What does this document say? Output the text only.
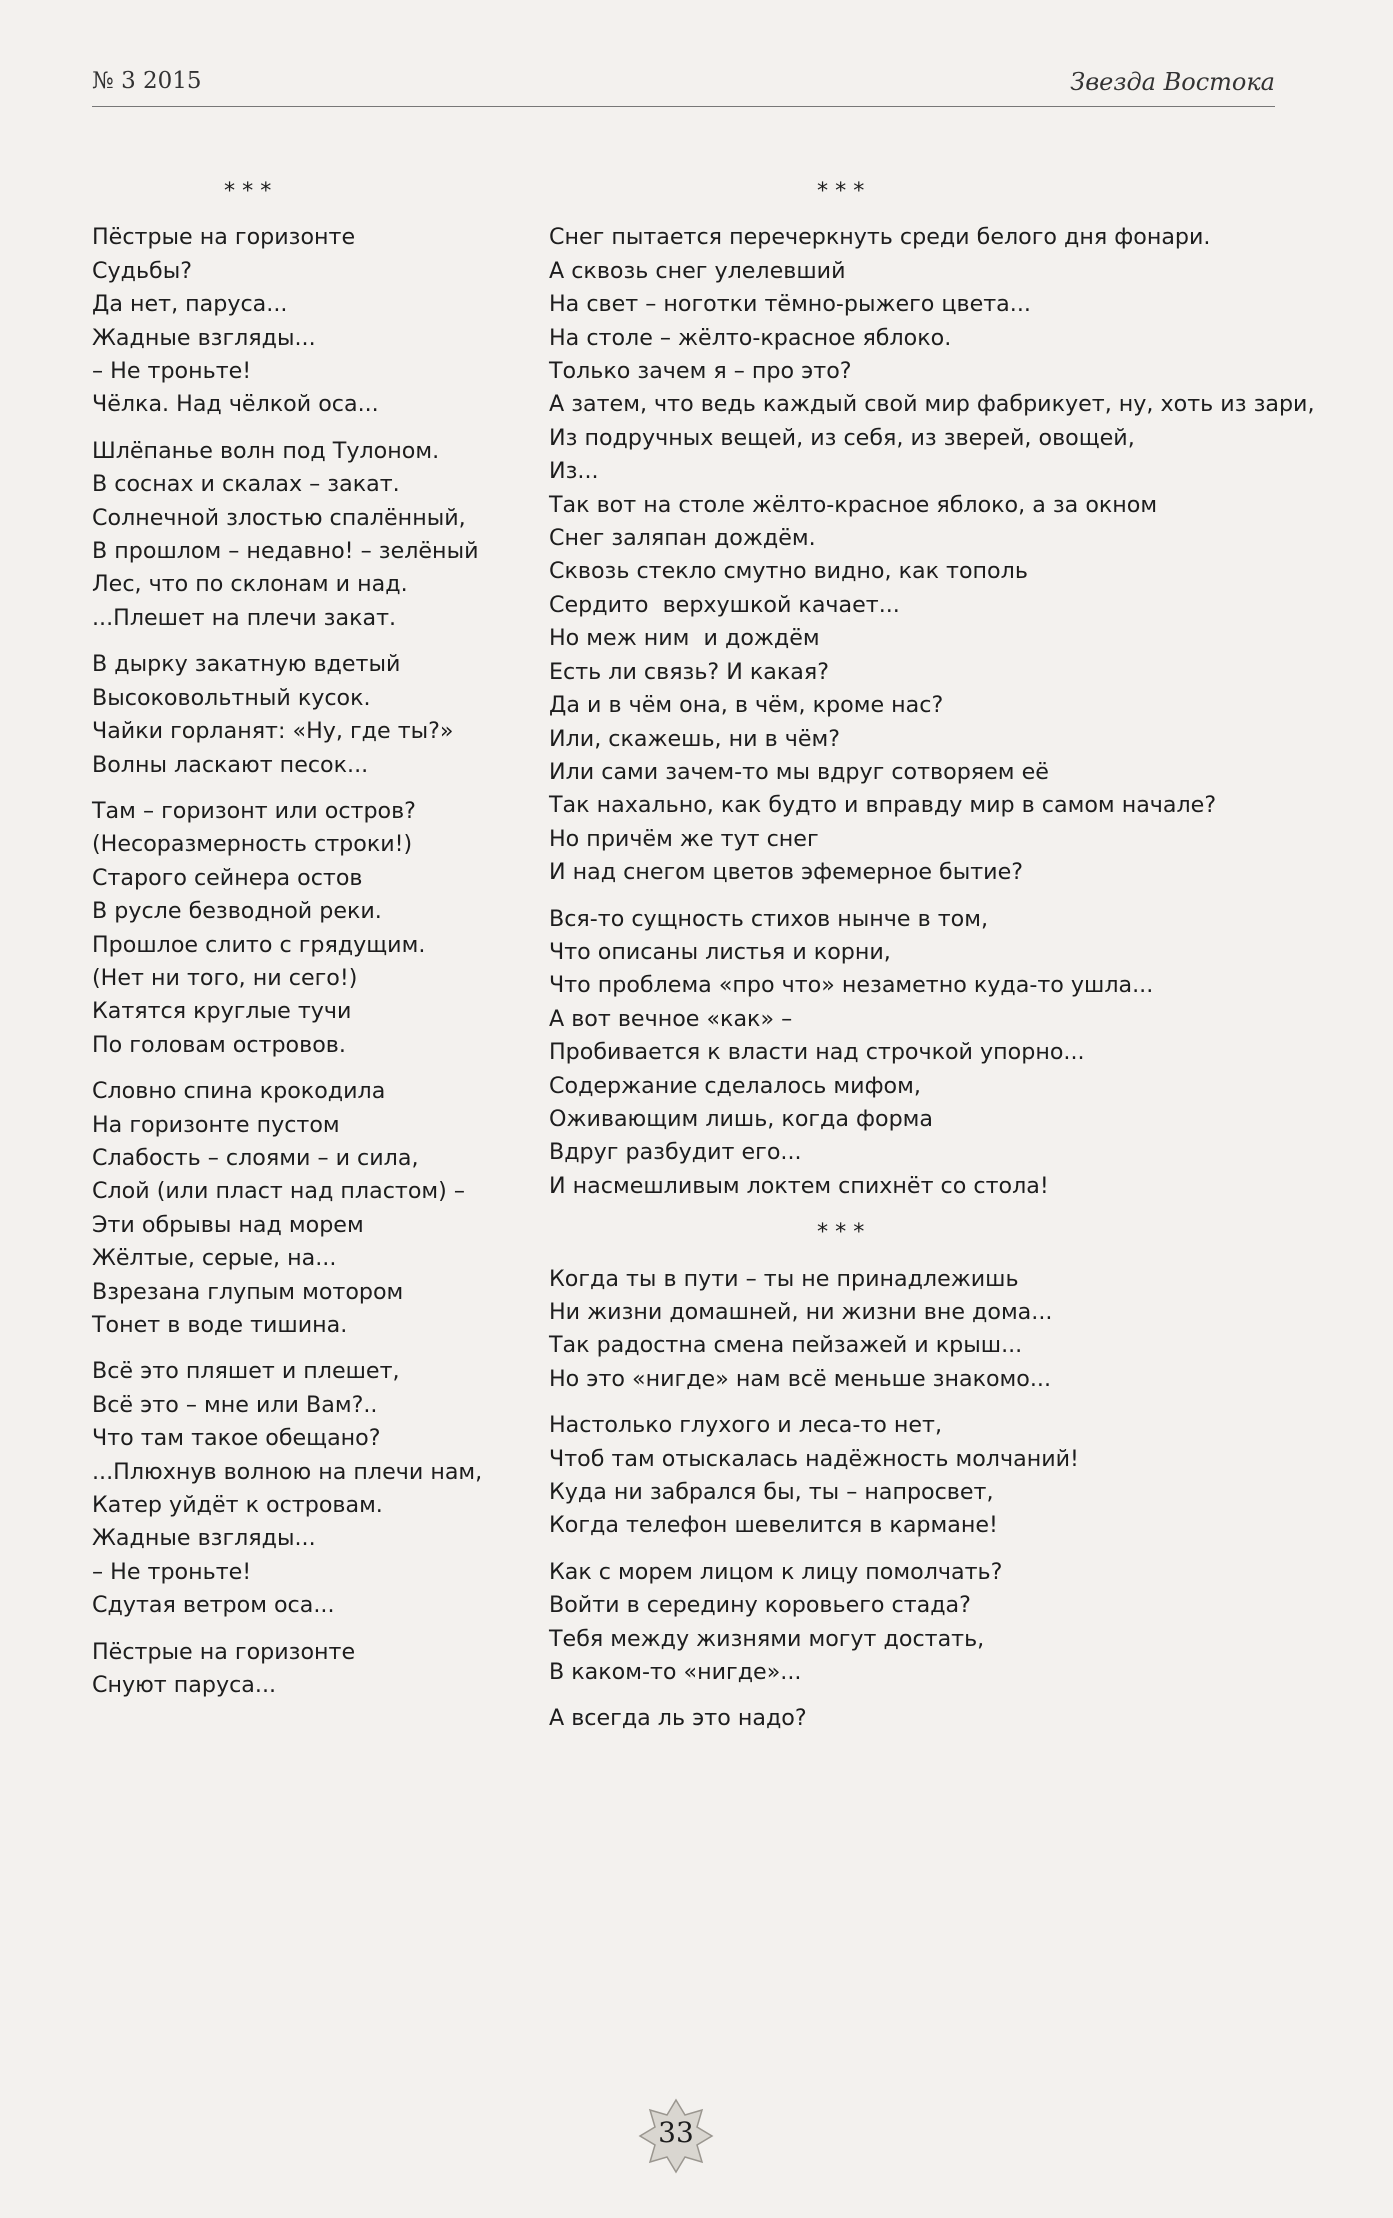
№ 3 2015	Звезда Востока
* * *
Пёстрые на горизонте
Судьбы?
Да нет, паруса...
Жадные взгляды...
– Не троньте!
Чёлка. Над чёлкой оса...
Шлёпанье волн под Тулоном.
В соснах и скалах – закат.
Солнечной злостью спалённый,
В прошлом – недавно! – зелёный
Лес, что по склонам и над.
...Плешет на плечи закат.
В дырку закатную вдетый
Высоковольтный кусок.
Чайки горланят: «Ну, где ты?»
Волны ласкают песок...
Там – горизонт или остров?
(Несоразмерность строки!)
Старого сейнера остов
В русле безводной реки.
Прошлое слито с грядущим.
(Нет ни того, ни сего!)
Катятся круглые тучи
По головам островов.
Словно спина крокодила
На горизонте пустом
Слабость – слоями – и сила,
Слой (или пласт над пластом) –
Эти обрывы над морем
Жёлтые, серые, на...
Взрезана глупым мотором
Тонет в воде тишина.
Всё это пляшет и плешет,
Всё это – мне или Вам?..
Что там такое обещано?
...Плюхнув волною на плечи нам,
Катер уйдёт к островам.
Жадные взгляды...
– Не троньте!
Сдутая ветром оса...
Пёстрые на горизонте
Снуют паруса...
* * *
Снег пытается перечеркнуть среди белого дня фонари.
А сквозь снег улелевший
На свет – ноготки тёмно-рыжего цвета...
На столе – жёлто-красное яблоко.
Только зачем я – про это?
А затем, что ведь каждый свой мир фабрикует, ну, хоть из зари,
Из подручных вещей, из себя, из зверей, овощей,
Из...
Так вот на столе жёлто-красное яблоко, а за окном
Снег заляпан дождём.
Сквозь стекло смутно видно, как тополь
Сердито  верхушкой качает...
Но меж ним  и дождём
Есть ли связь? И какая?
Да и в чём она, в чём, кроме нас?
Или, скажешь, ни в чём?
Или сами зачем-то мы вдруг сотворяем её
Так нахально, как будто и вправду мир в самом начале?
Но причём же тут снег
И над снегом цветов эфемерное бытие?
Вся-то сущность стихов нынче в том,
Что описаны листья и корни,
Что проблема «про что» незаметно куда-то ушла...
А вот вечное «как» –
Пробивается к власти над строчкой упорно...
Содержание сделалось мифом,
Оживающим лишь, когда форма
Вдруг разбудит его...
И насмешливым локтем спихнёт со стола!
* * *
Когда ты в пути – ты не принадлежишь
Ни жизни домашней, ни жизни вне дома...
Так радостна смена пейзажей и крыш...
Но это «нигде» нам всё меньше знакомо...
Настолько глухого и леса-то нет,
Чтоб там отыскалась надёжность молчаний!
Куда ни забрался бы, ты – напросвет,
Когда телефон шевелится в кармане!
Как с морем лицом к лицу помолчать?
Войти в середину коровьего стада?
Тебя между жизнями могут достать,
В каком-то «нигде»...
А всегда ль это надо?
33
